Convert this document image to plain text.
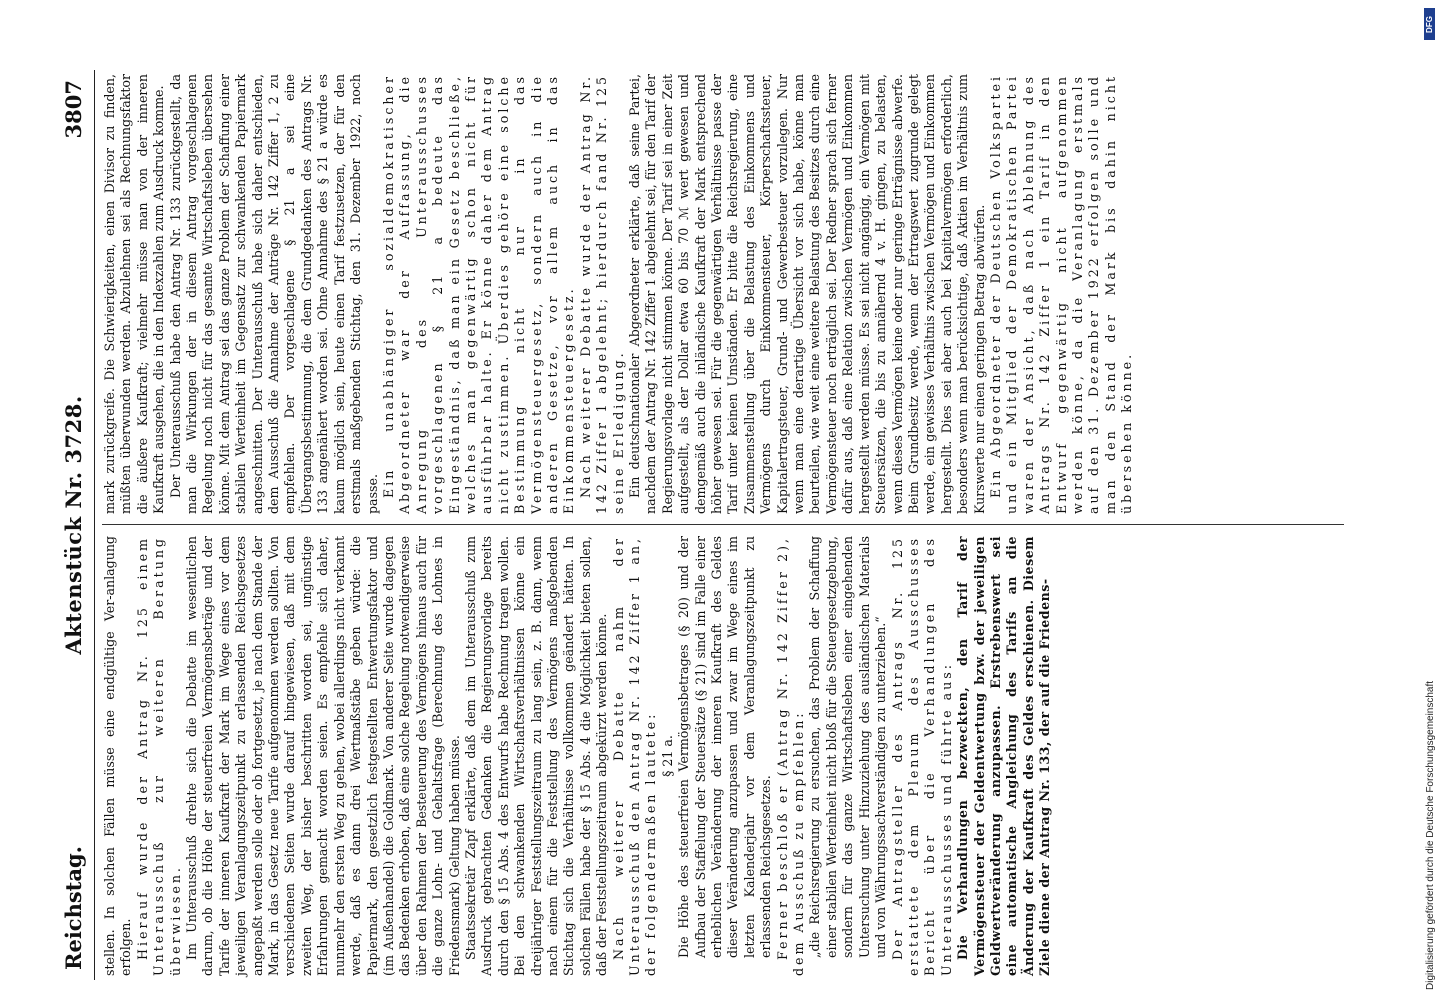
Reichstag.
Aktenstück Nr. 3728.
3807

stellen. In solchen Fällen müsse eine endgültige Ver-anlagung erfolgen. Hierauf wurde der Antrag Nr. 125 einem Unterausschuß zur weiteren Beratung überwiesen. Im Unterausschuß drehte sich die Debatte im wesentlichen darum, ob die Höhe der steuerfreien Vermögensbeträge und der Tarife der inneren Kaufkraft der Mark im Wege eines vor dem jeweiligen Veranlagungszeitpunkt zu erlassenden Reichsgesetzes angepaßt werden solle oder ob fortgesetzt, je nach dem Stande der Mark, in das Gesetz neue Tarife aufgenommen werden sollten. Von verschiedenen Seiten wurde darauf hingewiesen, daß mit dem zweiten Weg, der bisher beschritten worden sei, ungünstige Erfahrungen gemacht worden seien. Es empfehle sich daher, nunmehr den ersten Weg zu gehen, wobei allerdings nicht verkannt werde, daß es dann drei Wertmaßstäbe geben würde: die Papiermark, den gesetzlich festgestellten Entwertungsfaktor und (im Außenhandel) die Goldmark. Von anderer Seite wurde dagegen das Bedenken erhoben, daß eine solche Regelung notwendigerweise über den Rahmen der Besteuerung des Vermögens hinaus auch für die ganze Lohn- und Gehaltsfrage (Berechnung des Lohnes in Friedensmark) Geltung haben müsse. Staatssekretär Zapf erklärte, daß dem im Unterausschuß zum Ausdruck gebrachten Gedanken die Regierungsvorlage bereits durch den § 15 Abs. 4 des Entwurfs habe Rechnung tragen wollen. Bei den schwankenden Wirtschaftsverhältnissen könne ein dreijähriger Feststellungszeitraum zu lang sein, z. B. dann, wenn nach einem für die Feststellung des Vermögens maßgebenden Stichtag sich die Verhältnisse vollkommen geändert hätten. In solchen Fällen habe der § 15 Abs. 4 die Möglichkeit bieten sollen, daß der Feststellungszeitraum abgekürzt werden könne. Nach weiterer Debatte nahm der Unterausschuß den Antrag Nr. 142 Ziffer 1 an, der folgendermaßen lautete: § 21 a. Die Höhe des steuerfreien Vermögensbetrages (§ 20) und der Aufbau der Staffelung der Steuersätze (§ 21) sind im Falle einer erheblichen Veränderung der inneren Kaufkraft des Geldes dieser Veränderung anzupassen und zwar im Wege eines im letzten Kalenderjahr vor dem Veranlagungszeitpunkt zu erlassenden Reichsgesetzes. Ferner beschloß er (Antrag Nr. 142 Ziffer 2), dem Ausschuß zu empfehlen: „die Reichsregierung zu ersuchen, das Problem der Schaffung einer stabilen Werteinheit nicht bloß für die Steuergesetzgebung, sondern für das ganze Wirtschaftsleben einer eingehenden Untersuchung unter Hinzuziehung des ausländischen Materials und von Währungssachverständigen zu unterziehen.“ Der Antragsteller des Antrags Nr. 125 erstattete dem Plenum des Ausschusses Bericht über die Verhandlungen des Unterausschusses und führte aus: Die Verhandlungen bezweckten, den Tarif der Vermögensteuer der Geldentwertung bzw. der jeweiligen Geldwertveränderung anzupassen. Erstrebenswert sei eine automatische Angleichung des Tarifs an die Änderung der Kaufkraft des Geldes erschienen. Diesem Ziele diene der Antrag Nr. 133, der auf die Friedens-

mark zurückgreife. Die Schwierigkeiten, einen Divisor zu finden, müßten überwunden werden. Abzulehnen sei als Rechnungsfaktor die äußere Kaufkraft; vielmehr müsse man von der inneren Kaufkraft ausgehen, die in den Indexzahlen zum Ausdruck komme. Der Unterausschuß habe den Antrag Nr. 133 zurückgestellt, da man die Wirkungen der in diesem Antrag vorgeschlagenen Regelung noch nicht für das gesamte Wirtschaftsleben übersehen könne. Mit dem Antrag sei das ganze Problem der Schaffung einer stabilen Werteinheit im Gegensatz zur schwankenden Papiermark angeschnitten. Der Unterausschuß habe sich daher entschieden, dem Ausschuß die Annahme der Anträge Nr. 142 Ziffer 1, 2 zu empfehlen. Der vorgeschlagene § 21 a sei eine Übergangsbestimmung, die dem Grundgedanken des Antrags Nr. 133 angenähert worden sei. Ohne Annahme des § 21 a würde es kaum möglich sein, heute einen Tarif festzusetzen, der für den erstmals maßgebenden Stichtag, den 31. Dezember 1922, noch passe. Ein unabhängiger sozialdemokratischer Abgeordneter war der Auffassung, die Anregung des Unterausschusses vorgeschlagenen § 21 a bedeute das Eingeständnis, daß man ein Gesetz beschließe, welches man gegenwärtig schon nicht für ausführbar halte. Er könne daher dem Antrag nicht zustimmen. Überdies gehöre eine solche Bestimmung nicht nur in das Vermögensteuergesetz, sondern auch in die anderen Gesetze, vor allem auch in das Einkommensteuergesetz. Nach weiterer Debatte wurde der Antrag Nr. 142 Ziffer 1 abgelehnt; hierdurch fand Nr. 125 seine Erledigung. Ein deutschnationaler Abgeordneter erklärte, daß seine Partei, nachdem der Antrag Nr. 142 Ziffer 1 abgelehnt sei, für den Tarif der Regierungsvorlage nicht stimmen könne. Der Tarif sei in einer Zeit aufgestellt, als der Dollar etwa 60 bis 70 ℳ wert gewesen und demgemäß auch die inländische Kaufkraft der Mark entsprechend höher gewesen sei. Für die gegenwärtigen Verhältnisse passe der Tarif unter keinen Umständen. Er bitte die Reichsregierung, eine Zusammenstellung über die Belastung des Einkommens und Vermögens durch Einkommensteuer, Körperschaftssteuer, Kapitalertragsteuer, Grund- und Gewerbesteuer vorzulegen. Nur wenn man eine derartige Übersicht vor sich habe, könne man beurteilen, wie weit eine weitere Belastung des Besitzes durch eine Vermögensteuer noch erträglich sei. Der Redner sprach sich ferner dafür aus, daß eine Relation zwischen Vermögen und Einkommen hergestellt werden müsse. Es sei nicht angängig, ein Vermögen mit Steuersätzen, die bis zu annähernd 4 v. H. gingen, zu belasten, wenn dieses Vermögen keine oder nur geringe Erträgnisse abwerfe. Beim Grundbesitz werde, wenn der Ertragswert zugrunde gelegt werde, ein gewisses Verhältnis zwischen Vermögen und Einkommen hergestellt. Dies sei aber auch bei Kapitalvermögen erforderlich, besonders wenn man berücksichtige, daß Aktien im Verhältnis zum Kurswerte nur einen geringen Betrag abwürfen. Ein Abgeordneter der Deutschen Volkspartei und ein Mitglied der Demokratischen Partei waren der Ansicht, daß nach Ablehnung des Antrags Nr. 142 Ziffer 1 ein Tarif in den Entwurf gegenwärtig nicht aufgenommen werden könne, da die Veranlagung erstmals auf den 31. Dezember 1922 erfolgen solle und man den Stand der Mark bis dahin nicht übersehen könne.

Digitalisierung gefördert durch die Deutsche Forschungsgemeinschaft
DFG
